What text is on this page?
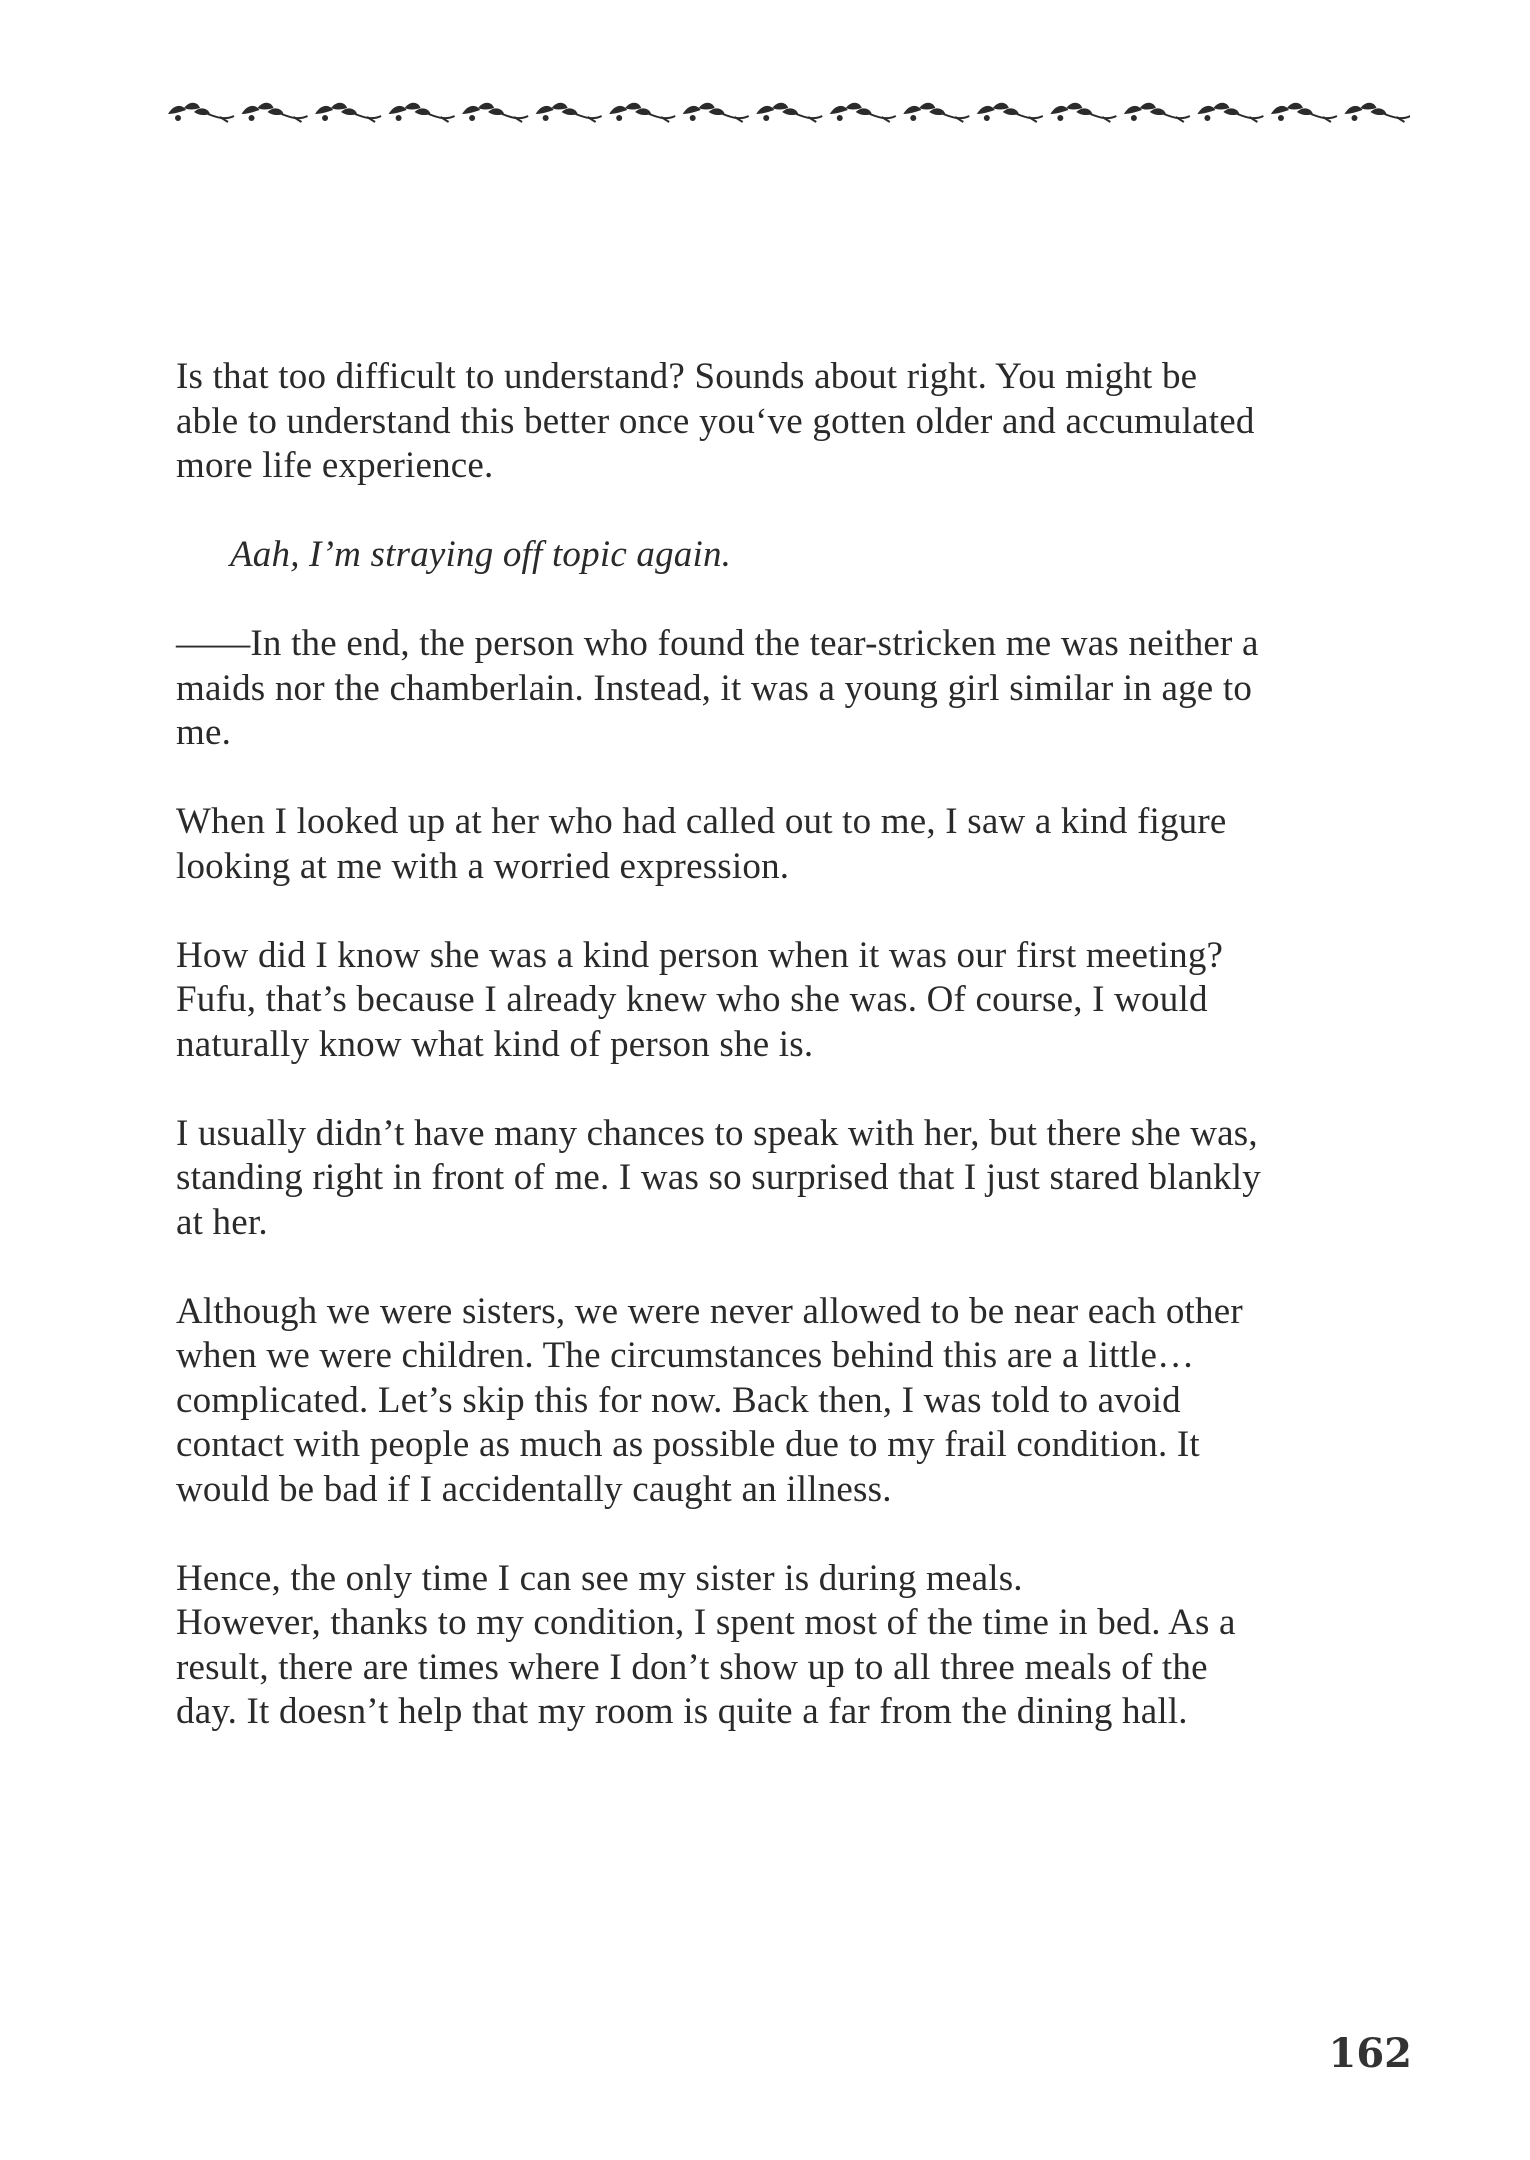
Is that too difficult to understand? Sounds about right. You might be
able to understand this better once you‘ve gotten older and accumulated
more life experience.
Aah, I’m straying off topic again.
——In the end, the person who found the tear-stricken me was neither a
maids nor the chamberlain. Instead, it was a young girl similar in age to
me.
When I looked up at her who had called out to me, I saw a kind figure
looking at me with a worried expression.
How did I know she was a kind person when it was our first meeting?
Fufu, that’s because I already knew who she was. Of course, I would
naturally know what kind of person she is.
I usually didn’t have many chances to speak with her, but there she was,
standing right in front of me. I was so surprised that I just stared blankly
at her.
Although we were sisters, we were never allowed to be near each other
when we were children. The circumstances behind this are a little…
complicated. Let’s skip this for now. Back then, I was told to avoid
contact with people as much as possible due to my frail condition. It
would be bad if I accidentally caught an illness.
Hence, the only time I can see my sister is during meals.
However, thanks to my condition, I spent most of the time in bed. As a
result, there are times where I don’t show up to all three meals of the
day. It doesn’t help that my room is quite a far from the dining hall.
162
